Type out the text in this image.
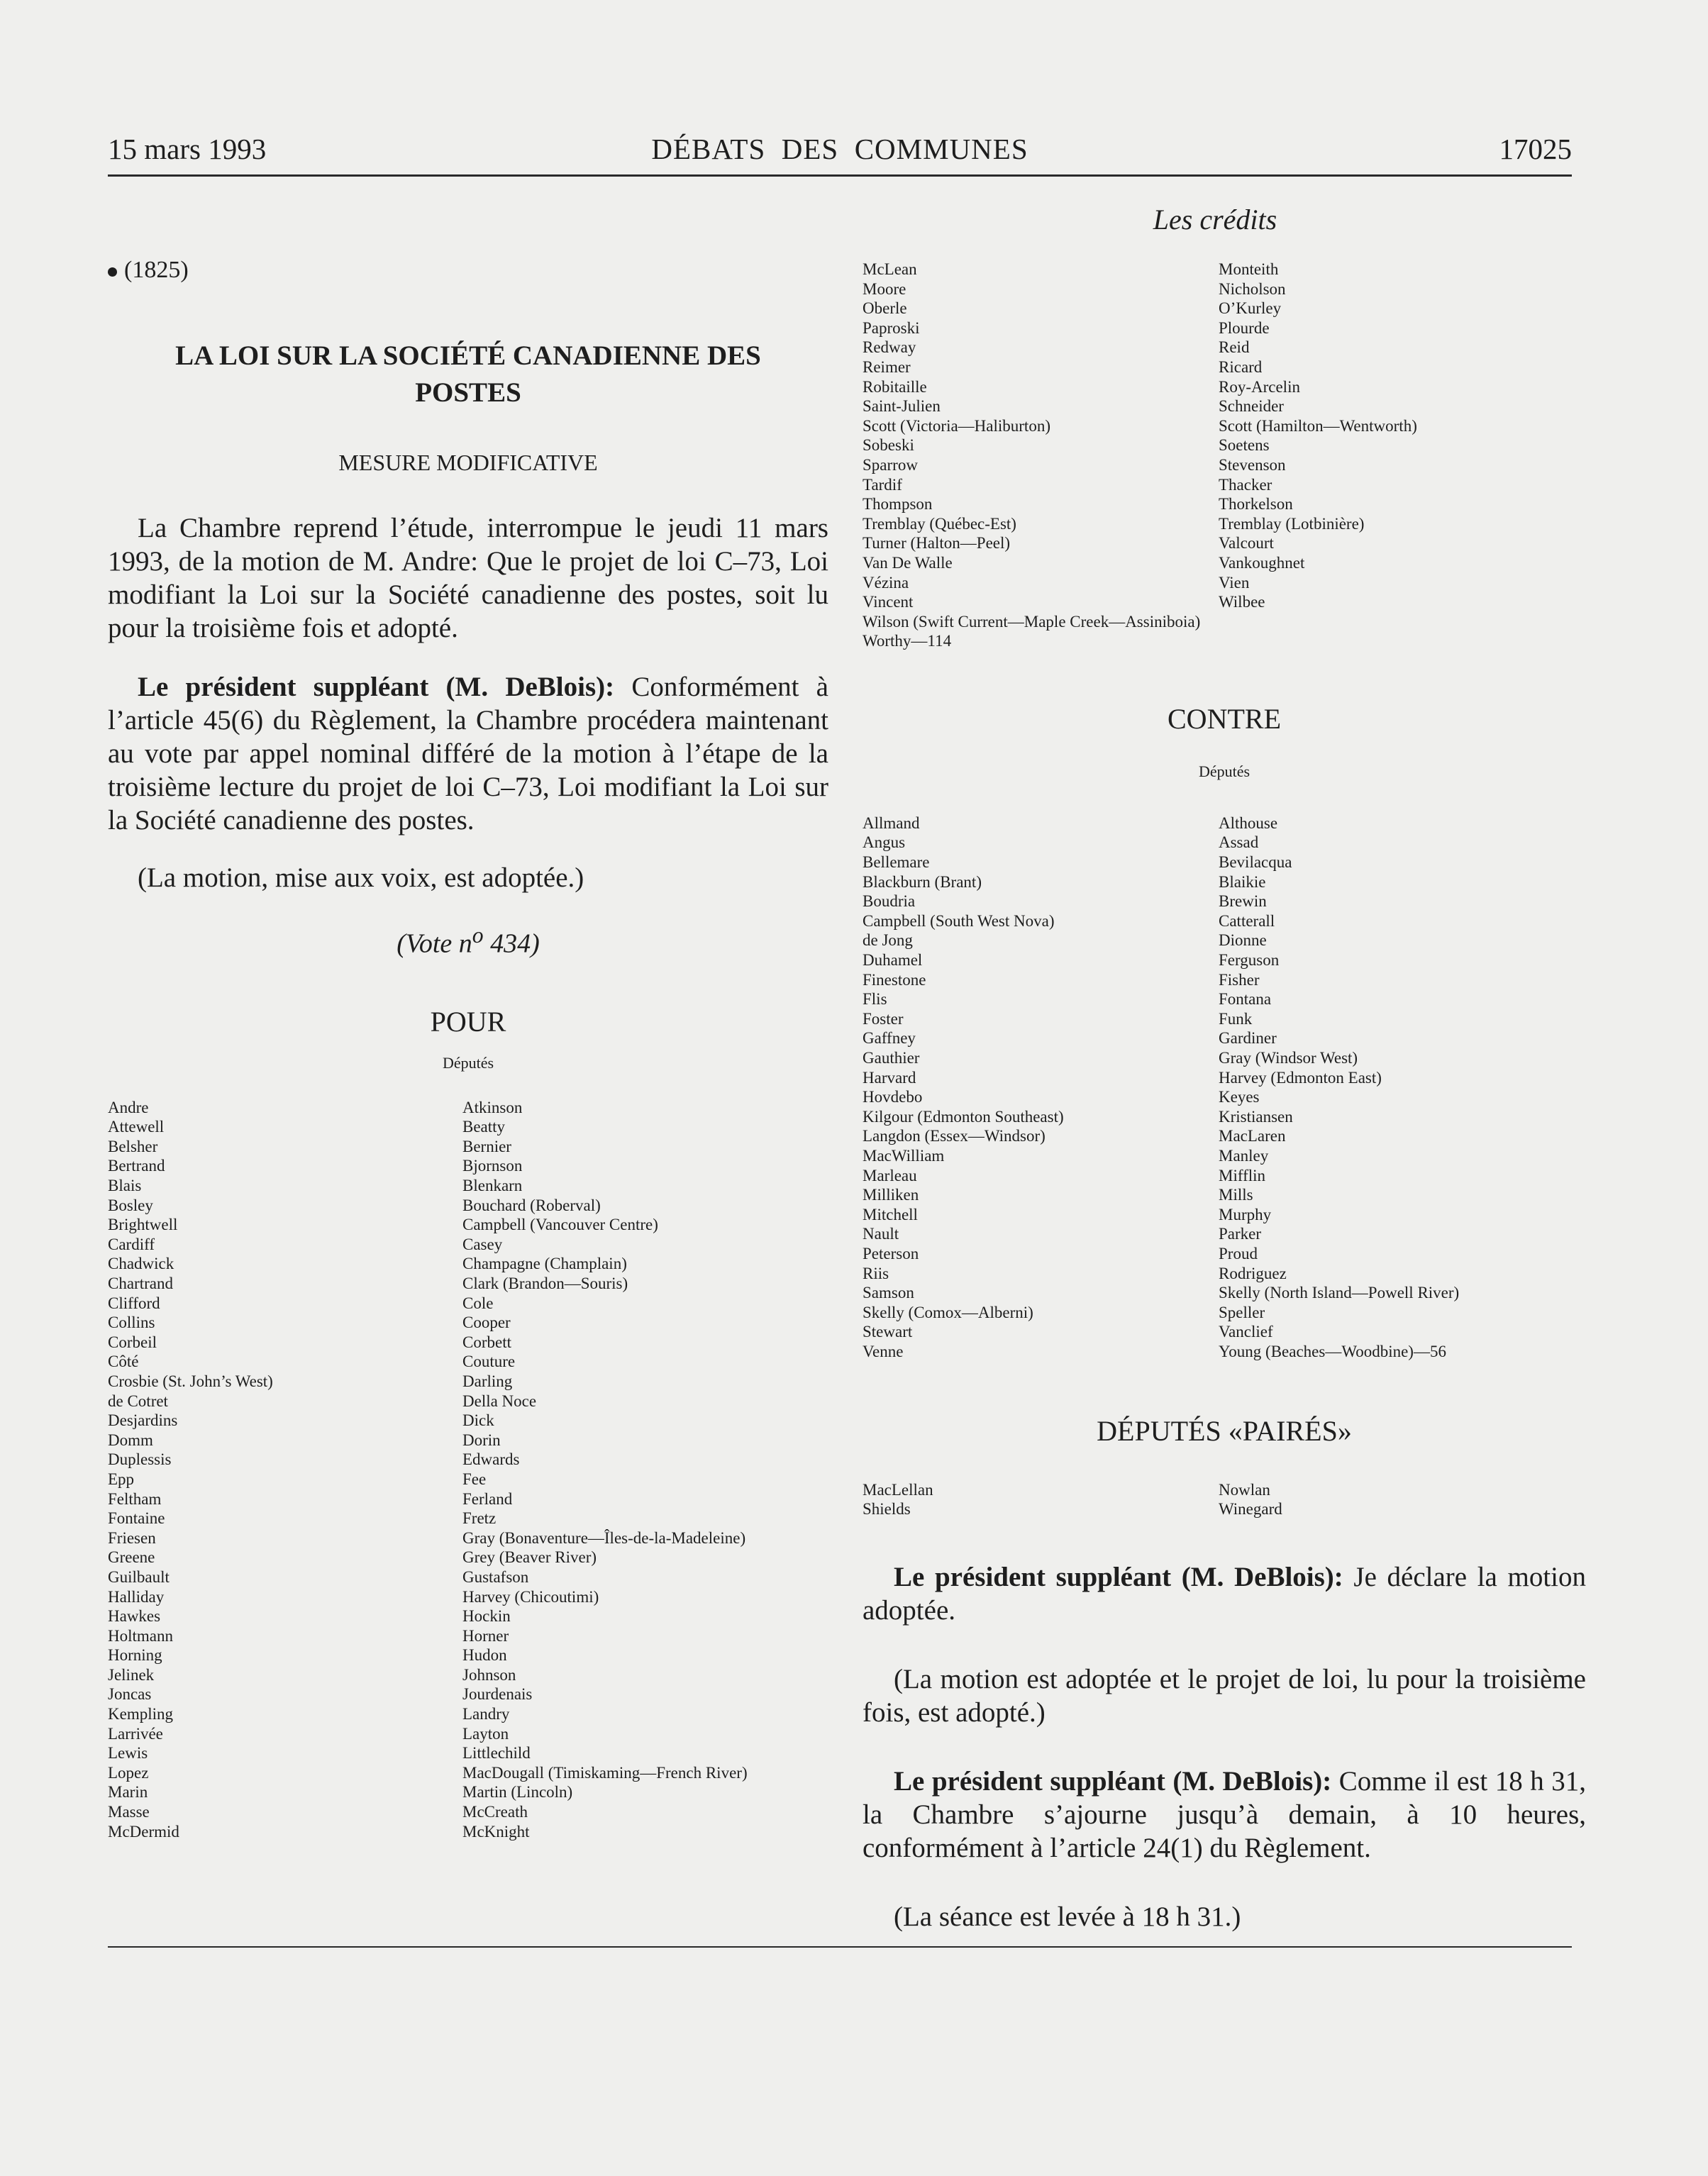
15 mars 1993	DÉBATS  DES  COMMUNES	17025
Les crédits
(1825)
LA LOI SUR LA SOCIÉTÉ CANADIENNE DES POSTES
MESURE MODIFICATIVE

La Chambre reprend l’étude, interrompue le jeudi 11 mars 1993, de la motion de M. Andre: Que le projet de loi C–73, Loi modifiant la Loi sur la Société canadienne des postes, soit lu pour la troisième fois et adopté.

Le président suppléant (M. DeBlois): Conformément à l’article 45(6) du Règlement, la Chambre procédera maintenant au vote par appel nominal différé de la motion à l’étape de la troisième lecture du projet de loi C–73, Loi modifiant la Loi sur la Société canadienne des postes.

(La motion, mise aux voix, est adoptée.)

(Vote $n^o$ 434)
POUR
Députés
Andre
Attewell
Belsher
Bertrand
Blais
Bosley
Brightwell
Cardiff
Chadwick
Chartrand
Clifford
Collins
Corbeil
Côté
Crosbie (St. John’s West)
de Cotret
Desjardins
Domm
Duplessis
Epp
Feltham
Fontaine
Friesen
Greene
Guilbault
Halliday
Hawkes
Holtmann
Horning
Jelinek
Joncas
Kempling
Larrivée
Lewis
Lopez
Marin
Masse
McDermid
Atkinson
Beatty
Bernier
Bjornson
Blenkarn
Bouchard (Roberval)
Campbell (Vancouver Centre)
Casey
Champagne (Champlain)
Clark (Brandon—Souris)
Cole
Cooper
Corbett
Couture
Darling
Della Noce
Dick
Dorin
Edwards
Fee
Ferland
Fretz
Gray (Bonaventure—Îles-de-la-Madeleine)
Grey (Beaver River)
Gustafson
Harvey (Chicoutimi)
Hockin
Horner
Hudon
Johnson
Jourdenais
Landry
Layton
Littlechild
MacDougall (Timiskaming—French River)
Martin (Lincoln)
McCreath
McKnight
McLean
Moore
Oberle
Paproski
Redway
Reimer
Robitaille
Saint-Julien
Scott (Victoria—Haliburton)
Sobeski
Sparrow
Tardif
Thompson
Tremblay (Québec-Est)
Turner (Halton—Peel)
Van De Walle
Vézina
Vincent
Monteith
Nicholson
O’Kurley
Plourde
Reid
Ricard
Roy-Arcelin
Schneider
Scott (Hamilton—Wentworth)
Soetens
Stevenson
Thacker
Thorkelson
Tremblay (Lotbinière)
Valcourt
Vankoughnet
Vien
Wilbee
Wilson (Swift Current—Maple Creek—Assiniboia)
Worthy—114
CONTRE
Députés
Allmand
Angus
Bellemare
Blackburn (Brant)
Boudria
Campbell (South West Nova)
de Jong
Duhamel
Finestone
Flis
Foster
Gaffney
Gauthier
Harvard
Hovdebo
Kilgour (Edmonton Southeast)
Langdon (Essex—Windsor)
MacWilliam
Marleau
Milliken
Mitchell
Nault
Peterson
Riis
Samson
Skelly (Comox—Alberni)
Stewart
Venne
Althouse
Assad
Bevilacqua
Blaikie
Brewin
Catterall
Dionne
Ferguson
Fisher
Fontana
Funk
Gardiner
Gray (Windsor West)
Harvey (Edmonton East)
Keyes
Kristiansen
MacLaren
Manley
Mifflin
Mills
Murphy
Parker
Proud
Rodriguez
Skelly (North Island—Powell River)
Speller
Vanclief
Young (Beaches—Woodbine)—56
DÉPUTÉS «PAIRÉS»
MacLellan
Shields
Nowlan
Winegard

Le président suppléant (M. DeBlois): Je déclare la motion adoptée.

(La motion est adoptée et le projet de loi, lu pour la troisième fois, est adopté.)

Le président suppléant (M. DeBlois): Comme il est 18 h 31, la Chambre s’ajourne jusqu’à demain, à 10 heures, conformément à l’article 24(1) du Règlement.

(La séance est levée à 18 h 31.)
